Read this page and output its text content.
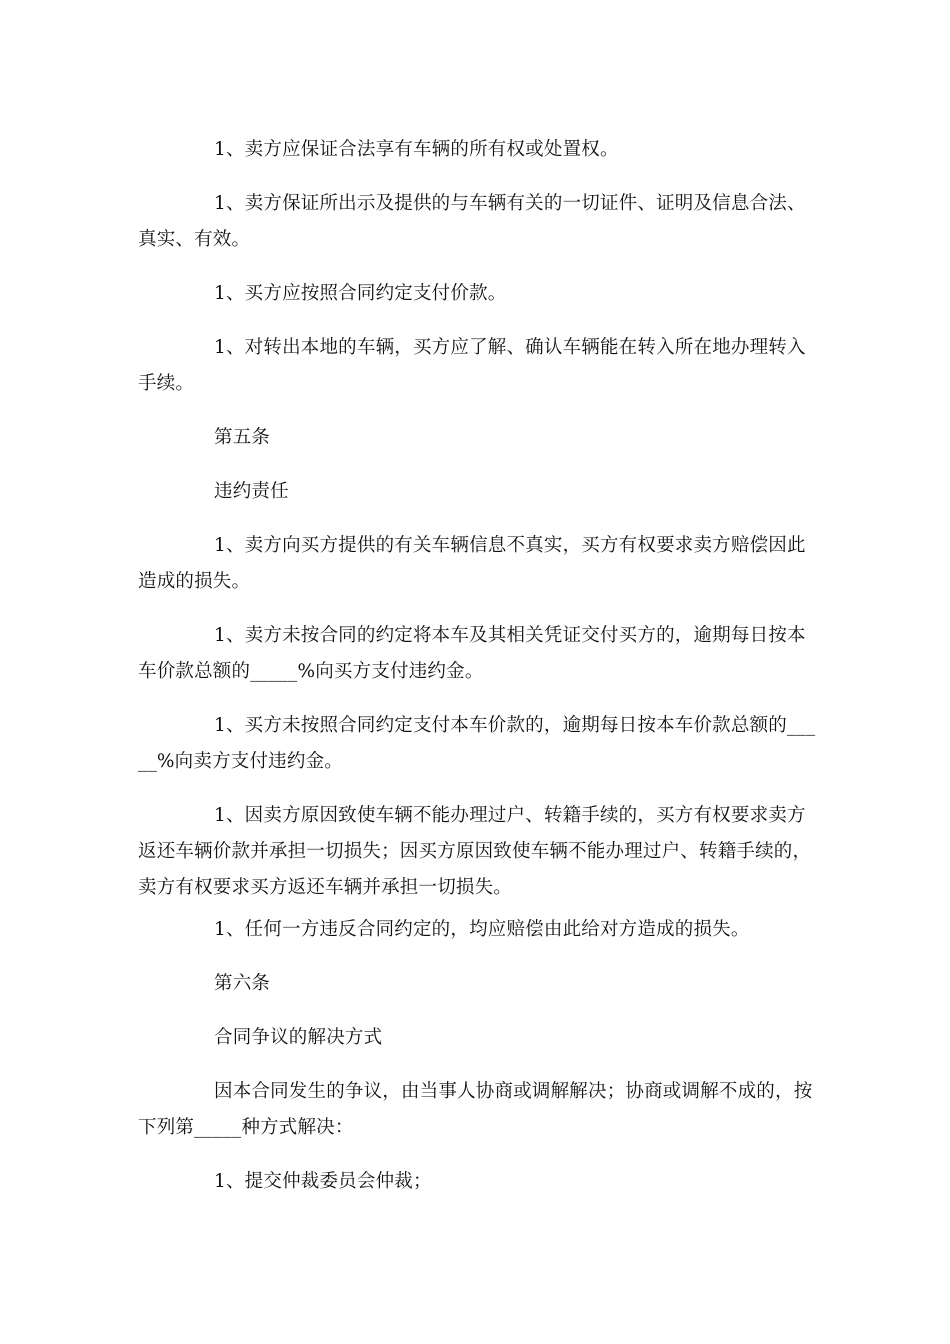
1、卖方应保证合法享有车辆的所有权或处置权。

1、卖方保证所出示及提供的与车辆有关的一切证件、证明及信息合法、真实、有效。

1、买方应按照合同约定支付价款。

1、对转出本地的车辆，买方应了解、确认车辆能在转入所在地办理转入手续。

第五条

违约责任

1、卖方向买方提供的有关车辆信息不真实，买方有权要求卖方赔偿因此造成的损失。

1、卖方未按合同的约定将本车及其相关凭证交付买方的，逾期每日按本车价款总额的_____%向买方支付违约金。

1、买方未按照合同约定支付本车价款的，逾期每日按本车价款总额的_____%向卖方支付违约金。

1、因卖方原因致使车辆不能办理过户、转籍手续的，买方有权要求卖方返还车辆价款并承担一切损失；因买方原因致使车辆不能办理过户、转籍手续的，卖方有权要求买方返还车辆并承担一切损失。

1、任何一方违反合同约定的，均应赔偿由此给对方造成的损失。

第六条

合同争议的解决方式

因本合同发生的争议，由当事人协商或调解解决；协商或调解不成的，按下列第_____种方式解决：

1、提交仲裁委员会仲裁；
